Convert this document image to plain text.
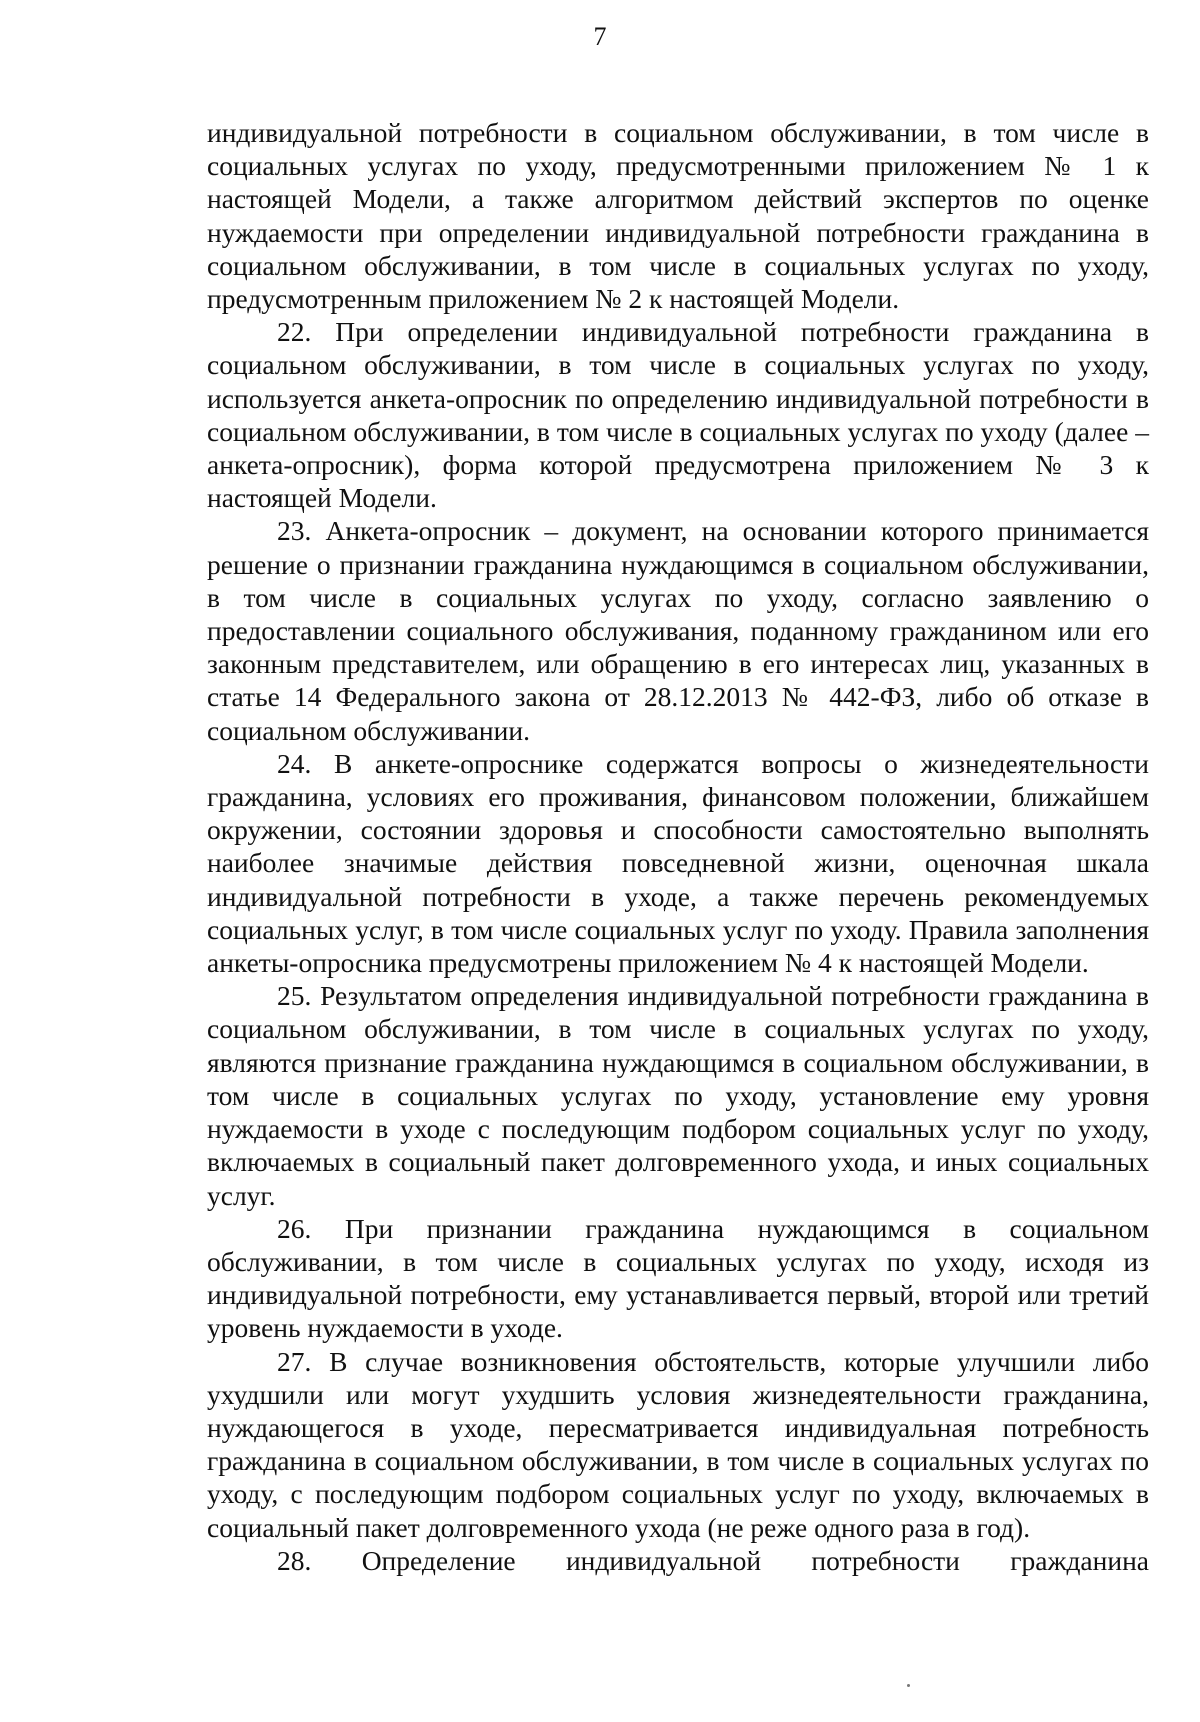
7

индивидуальной потребности в социальном обслуживании, в том числе в социальных услугах по уходу, предусмотренными приложением № 1 к настоящей Модели, а также алгоритмом действий экспертов по оценке нуждаемости при определении индивидуальной потребности гражданина в социальном обслуживании, в том числе в социальных услугах по уходу, предусмотренным приложением № 2 к настоящей Модели.

22. При определении индивидуальной потребности гражданина в социальном обслуживании, в том числе в социальных услугах по уходу, используется анкета-опросник по определению индивидуальной потребности в социальном обслуживании, в том числе в социальных услугах по уходу (далее – анкета-опросник), форма которой предусмотрена приложением № 3 к настоящей Модели.

23. Анкета-опросник – документ, на основании которого принимается решение о признании гражданина нуждающимся в социальном обслуживании, в том числе в социальных услугах по уходу, согласно заявлению о предоставлении социального обслуживания, поданному гражданином или его законным представителем, или обращению в его интересах лиц, указанных в статье 14 Федерального закона от 28.12.2013 № 442-ФЗ, либо об отказе в социальном обслуживании.

24. В анкете-опроснике содержатся вопросы о жизнедеятельности гражданина, условиях его проживания, финансовом положении, ближайшем окружении, состоянии здоровья и способности самостоятельно выполнять наиболее значимые действия повседневной жизни, оценочная шкала индивидуальной потребности в уходе, а также перечень рекомендуемых социальных услуг, в том числе социальных услуг по уходу. Правила заполнения анкеты-опросника предусмотрены приложением № 4 к настоящей Модели.

25. Результатом определения индивидуальной потребности гражданина в социальном обслуживании, в том числе в социальных услугах по уходу, являются признание гражданина нуждающимся в социальном обслуживании, в том числе в социальных услугах по уходу, установление ему уровня нуждаемости в уходе с последующим подбором социальных услуг по уходу, включаемых в социальный пакет долговременного ухода, и иных социальных услуг.

26. При признании гражданина нуждающимся в социальном обслуживании, в том числе в социальных услугах по уходу, исходя из индивидуальной потребности, ему устанавливается первый, второй или третий уровень нуждаемости в уходе.

27. В случае возникновения обстоятельств, которые улучшили либо ухудшили или могут ухудшить условия жизнедеятельности гражданина, нуждающегося в уходе, пересматривается индивидуальная потребность гражданина в социальном обслуживании, в том числе в социальных услугах по уходу, с последующим подбором социальных услуг по уходу, включаемых в социальный пакет долговременного ухода (не реже одного раза в год).

28. Определение индивидуальной потребности гражданина
